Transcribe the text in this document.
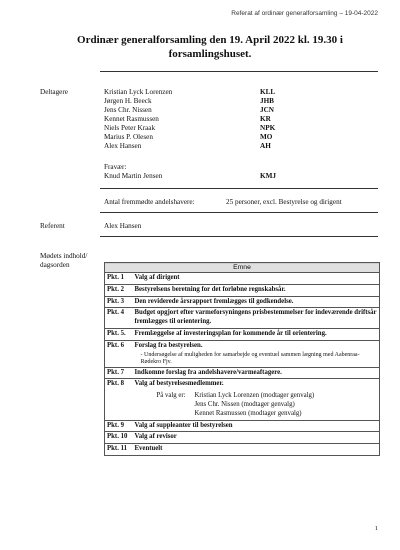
Referat af ordinær generalforsamling – 19-04-2022
Ordinær generalforsamling den 19. April 2022 kl. 19.30 i forsamlingshuset.
Deltagere	Kristian Lyck Lorenzen	KLL
Jørgen H. Beeck	JHB
Jens Chr. Nissen	JCN
Kennet Rasmussen	KR
Niels Peter Kraak	NPK
Marius P. Olesen	MO
Alex Hansen	AH
Fravær:
Knud Martin Jensen	KMJ
Antal fremmødte andelshavere:	25 personer, excl. Bestyrelse og dirigent
Referent	Alex Hansen
Mødets indhold/
dagsorden	Emne	
Pkt. 1	Valg af dirigent
Pkt. 2	Bestyrelsens beretning for det forløbne regnskabsår.
Pkt. 3	Den reviderede årsrapport fremlægges til godkendelse.
Pkt. 4	Budget opgjort efter varmeforsyningens prisbestemmelser for indeværende driftsår fremlægges til orientering.
Pkt. 5.	Fremlæggelse af investeringsplan for kommende år til orientering.
Pkt. 6	Forslag fra bestyrelsen.
- Undersøgelse af muligheden for samarbejde og eventuel sammen lægning med Aabenraa-Rødekro Fjv.

Pkt. 7	Indkomne forslag fra andelshavere/varmeaftagere.
Pkt. 8	Valg af bestyrelsesmedlemmer.
På valg er: Kristian Lyck Lorenzen (modtager genvalg)
Jens Chr. Nissen (modtager genvalg)
Kennet Rasmussen (modtager genvalg)

Pkt. 9	Valg af suppleanter til bestyrelsen
Pkt. 10	Valg af revisor
Pkt. 11	Eventuelt
1
